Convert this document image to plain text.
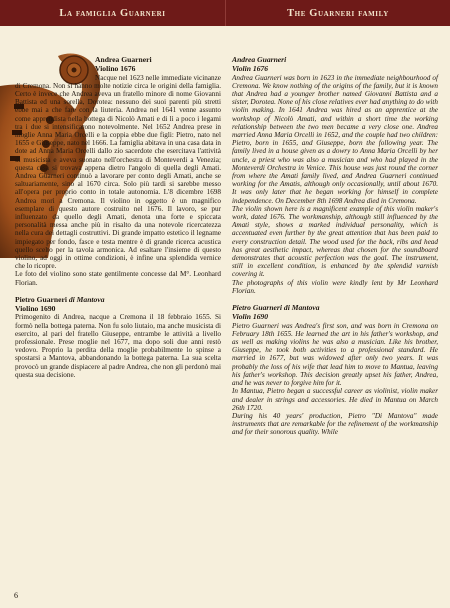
La famiglia Guarneri	The Guarneri family
Andrea Guarneri
Violino 1676

Nacque nel 1623 nelle immediate vicinanze di Cremona. Non si hanno molte notizie circa le origini della famiglia. Certo è invece che Andrea aveva un fratello minore di nome Giovanni Battista ed una sorella, Dorotea: nessuno dei suoi parenti più stretti ebbe mai a che fare con la liuteria. Andrea nel 1641 venne assunto come apprendista nella bottega di Nicolò Amati e di lì a poco i legami tra i due si intensificarono notevolmente. Nel 1652 Andrea prese in moglie Anna Maria Orcelli e la coppia ebbe due figli: Pietro, nato nel 1655 e Giuseppe, nato nel 1666. La famiglia abitava in una casa data in dote ad Anna Maria Orcelli dallo zio sacerdote che esercitava l'attività di musicista e aveva suonato nell'orchestra di Monteverdi a Venezia; questa casa si trovava appena dietro l'angolo di quella degli Amati. Andrea Guarneri continuò a lavorare per conto degli Amati, anche se saltuariamente, sino al 1670 circa. Solo più tardi si sarebbe messo all'opera per proprio conto in totale autonomia. L'8 dicembre 1698 Andrea morì a Cremona. Il violino in oggetto è un magnifico esemplare di questo autore costruito nel 1676. Il lavoro, se pur influenzato da quello degli Amati, denota una forte e spiccata personalità messa anche più in risalto da una notevole ricercatezza nella cura dei dettagli costruttivi. Di grande impatto estetico il legname impiegato per fondo, fasce e testa mentre è di grande ricerca acustica quello scelto per la tavola armonica. Ad esaltare l'insieme di questo violino, ad oggi in ottime condizioni, è infine una splendida vernice che lo ricopre.

Le foto del violino sono state gentilmente concesse dal M°. Leonhard Florian.

Pietro Guarneri di Mantova
Violino 1690

Primogenito di Andrea, nacque a Cremona il 18 febbraio 1655. Si formò nella bottega paterna. Non fu solo liutaio, ma anche musicista di esercito, al pari del fratello Giuseppe, entrambe le attività a livello professionale. Prese moglie nel 1677, ma dopo soli due anni restò vedovo. Proprio la perdita della moglie probabilmente lo spinse a spostarsi a Mantova, abbandonando la bottega paterna. La sua scelta provocò un grande dispiacere al padre Andrea, che non gli perdonò mai questa sua decisione.

Andrea Guarneri
Violin 1676

Andrea Guarneri was born in 1623 in the immediate neighbourhood of Cremona. We know nothing of the origins of the family, but it is known that Andrea had a younger brother named Giovanni Battista and a sister, Dorotea. None of his close relatives ever had anything to do with violin making. In 1641 Andrea was hired as an apprentice at the workshop of Nicolò Amati, and within a short time the working relationship between the two men became a very close one. Andrea married Anna Maria Orcelli in 1652, and the couple had two children: Pietro, born in 1655, and Giuseppe, born the following year. The family lived in a house given as a dowry to Anna Maria Orcelli by her uncle, a priest who was also a musician and who had played in the Monteverdi Orchestra in Venice. This house was just round the corner from where the Amati family lived, and Andrea Guarneri continued working for the Amatis, although only occasionally, until about 1670. It was only later that he began working for himself in complete independence. On December 8th 1698 Andrea died in Cremona.

The violin shown here is a magnificent example of this violin maker's work, dated 1676. The workmanship, although still influenced by the Amati style, shows a marked individual personality, which is accentuated even further by the great attention that has been paid to every construction detail. The wood used for the back, ribs and head has great aesthetic impact, whereas that chosen for the soundboard demonstrates that acoustic perfection was the goal. The instrument, still in excellent condition, is enhanced by the splendid varnish covering it.

The photographs of this violin were kindly lent by Mr Leonhard Florian.

Pietro Guarneri di Mantova
Violin 1690

Pietro Guarneri was Andrea's first son, and was born in Cremona on February 18th 1655. He learned the art in his father's workshop, and as well as making violins he was also a musician. Like his brother, Giuseppe, he took both activities to a professional standard. He married in 1677, but was widowed after only two years. It was probably the loss of his wife that lead him to move to Mantua, leaving his father's workshop. This decision greatly upset his father, Andrea, and he was never to forgive him for it.

In Mantua, Pietro began a successful career as violinist, violin maker and dealer in strings and accessories. He died in Mantua on March 26th 1720.

During his 40 years' production, Pietro "Di Mantova" made instruments that are remarkable for the refinement of the workmanship and for their sonorous quality. While

6
